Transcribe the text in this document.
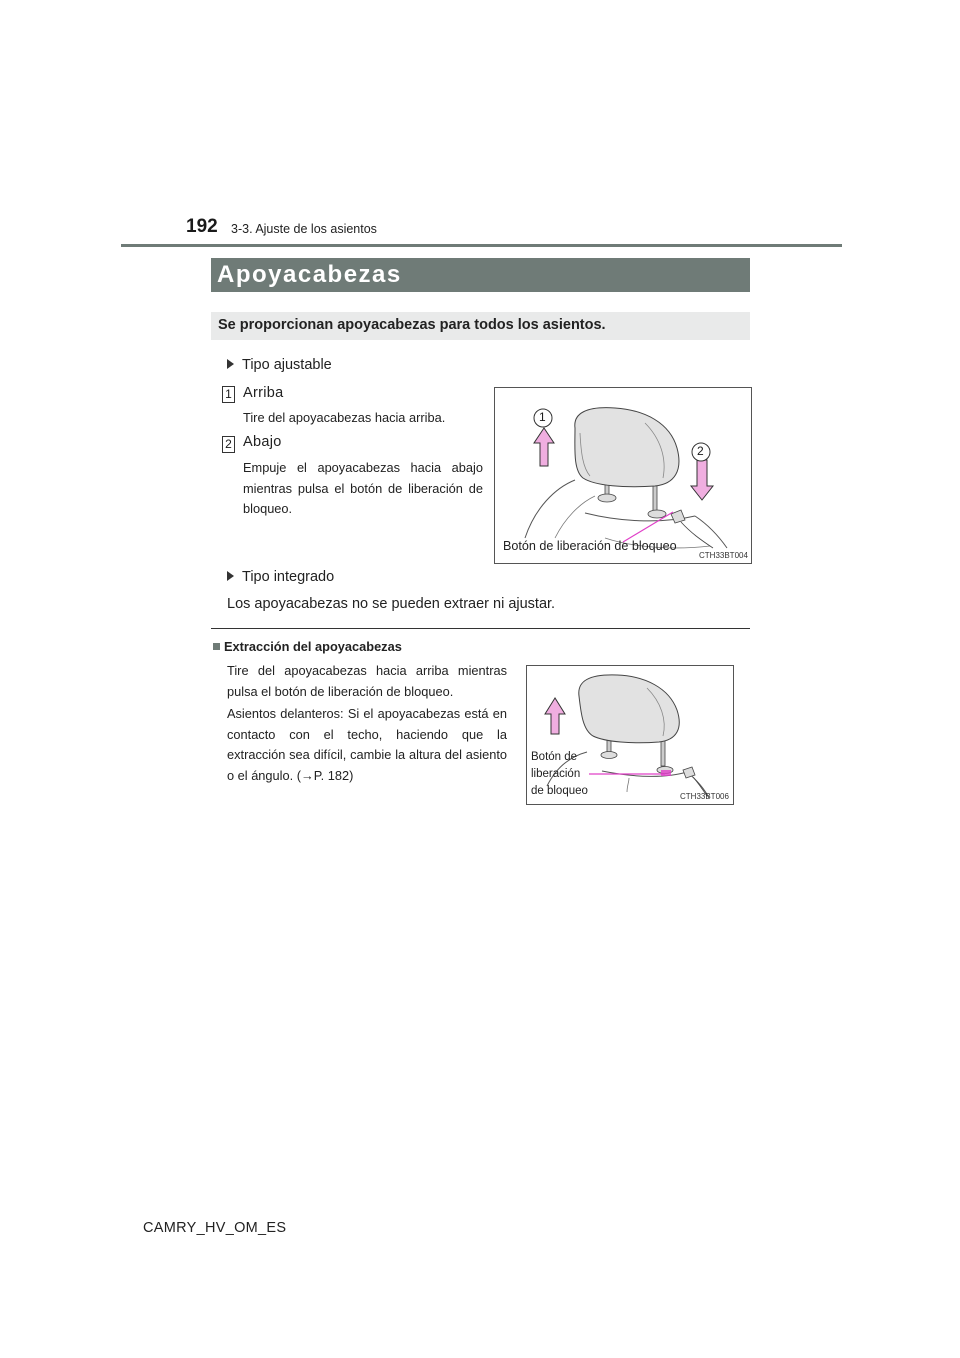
192 3-3. Ajuste de los asientos
Apoyacabezas
Se proporcionan apoyacabezas para todos los asientos.
Tipo ajustable
1 Arriba
Tire del apoyacabezas hacia arriba.
2 Abajo
Empuje el apoyacabezas hacia abajo mientras pulsa el botón de liberación de bloqueo.
1
2
Botón de liberación de bloqueo
CTH33BT004
Tipo integrado
Los apoyacabezas no se pueden extraer ni ajustar.
Extracción del apoyacabezas
Tire del apoyacabezas hacia arriba mientras pulsa el botón de liberación de bloqueo.
Asientos delanteros: Si el apoyacabezas está en contacto con el techo, haciendo que la extracción sea difícil, cambie la altura del asiento o el ángulo. (→P. 182)
Botón de
liberación
de bloqueo	CTH33BT006
CAMRY_HV_OM_ES
